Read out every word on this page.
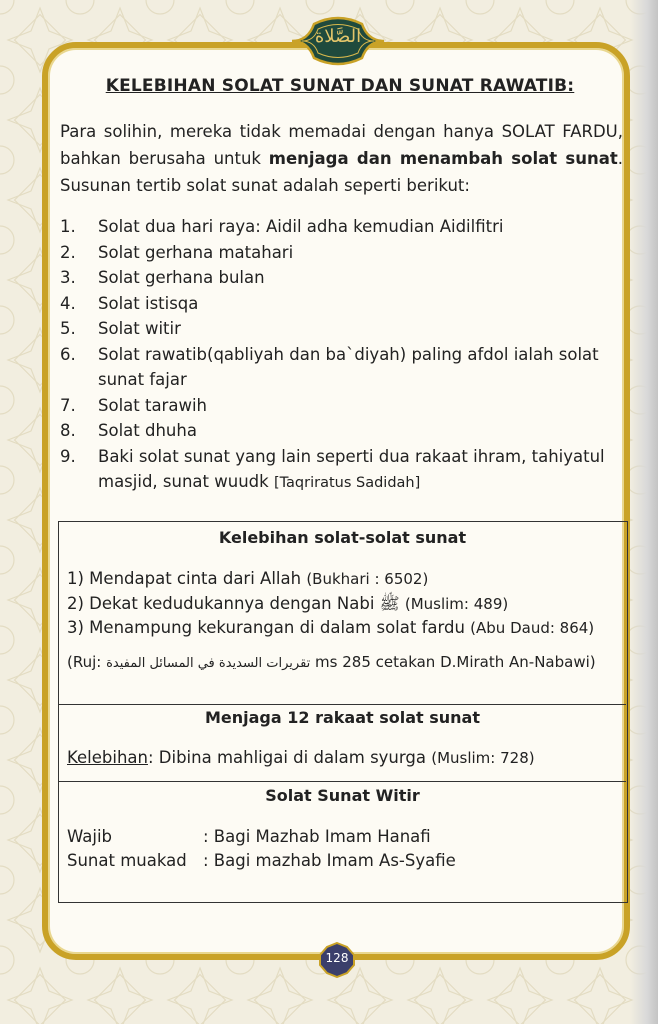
الصَّلاة
KELEBIHAN SOLAT SUNAT DAN SUNAT RAWATIB:
Para solihin, mereka tidak memadai dengan hanya SOLAT FARDU, bahkan berusaha untuk menjaga dan menambah solat sunat. Susunan tertib solat sunat adalah seperti berikut:
1.	Solat dua hari raya: Aidil adha kemudian Aidilfitri
2.	Solat gerhana matahari
3.	Solat gerhana bulan
4.	Solat istisqa
5.	Solat witir
6.	Solat rawatib(qabliyah dan ba`diyah) paling afdol ialah solat sunat fajar
7.	Solat tarawih
8.	Solat dhuha
9.	Baki solat sunat yang lain seperti dua rakaat ihram, tahiyatul masjid, sunat wuudk [Taqriratus Sadidah]
Kelebihan solat-solat sunat
1) Mendapat cinta dari Allah (Bukhari : 6502)
2) Dekat kedudukannya dengan Nabi ﷺ (Muslim: 489)
3) Menampung kekurangan di dalam solat fardu (Abu Daud: 864)
(Ruj: تقريرات السديدة في المسائل المفيدة ms 285 cetakan D.Mirath An-Nabawi)
Menjaga 12 rakaat solat sunat
Kelebihan: Dibina mahligai di dalam syurga (Muslim: 728)
Solat Sunat Witir
Wajib	: Bagi Mazhab Imam Hanafi
Sunat muakad : Bagi mazhab Imam As-Syafie
128
